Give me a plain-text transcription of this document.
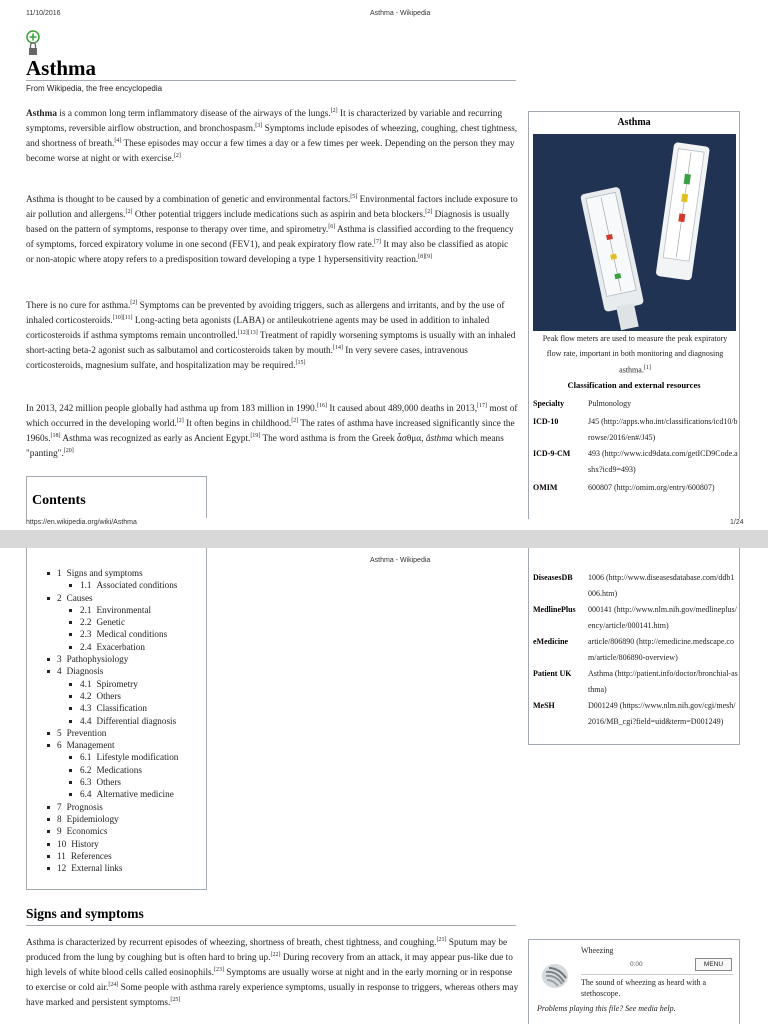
11/10/2016	Asthma - Wikipedia
Asthma
From Wikipedia, the free encyclopedia
Asthma is a common long term inflammatory disease of the airways of the lungs.[2] It is characterized by variable and recurring symptoms, reversible airflow obstruction, and bronchospasm.[3] Symptoms include episodes of wheezing, coughing, chest tightness, and shortness of breath.[4] These episodes may occur a few times a day or a few times per week. Depending on the person they may become worse at night or with exercise.[2]
Asthma is thought to be caused by a combination of genetic and environmental factors.[5] Environmental factors include exposure to air pollution and allergens.[2] Other potential triggers include medications such as aspirin and beta blockers.[2] Diagnosis is usually based on the pattern of symptoms, response to therapy over time, and spirometry.[6] Asthma is classified according to the frequency of symptoms, forced expiratory volume in one second (FEV1), and peak expiratory flow rate.[7] It may also be classified as atopic or non-atopic where atopy refers to a predisposition toward developing a type 1 hypersensitivity reaction.[8][9]
There is no cure for asthma.[2] Symptoms can be prevented by avoiding triggers, such as allergens and irritants, and by the use of inhaled corticosteroids.[10][11] Long-acting beta agonists (LABA) or antileukotriene agents may be used in addition to inhaled corticosteroids if asthma symptoms remain uncontrolled.[12][13] Treatment of rapidly worsening symptoms is usually with an inhaled short-acting beta-2 agonist such as salbutamol and corticosteroids taken by mouth.[14] In very severe cases, intravenous corticosteroids, magnesium sulfate, and hospitalization may be required.[15]
In 2013, 242 million people globally had asthma up from 183 million in 1990.[16] It caused about 489,000 deaths in 2013,[17] most of which occurred in the developing world.[2] It often begins in childhood.[2] The rates of asthma have increased significantly since the 1960s.[18] Asthma was recognized as early as Ancient Egypt.[19] The word asthma is from the Greek ἆσθμα, âsthma which means "panting".[20]
Contents
Asthma
Peak flow meters are used to measure the peak expiratory flow rate, important in both monitoring and diagnosing asthma.[1]
Classification and external resources
Specialty	Pulmonology
ICD-10	J45 (http://apps.who.int/classifications/icd10/browse/2016/en#/J45)
ICD-9-CM	493 (http://www.icd9data.com/getICD9Code.ashx?icd9=493)
OMIM	600807 (http://omim.org/entry/600807)
https://en.wikipedia.org/wiki/Asthma	1/24
Asthma - Wikipedia
1 Signs and symptoms
1.1 Associated conditions
2 Causes
2.1 Environmental
2.2 Genetic
2.3 Medical conditions
2.4 Exacerbation
3 Pathophysiology
4 Diagnosis
4.1 Spirometry
4.2 Others
4.3 Classification
4.4 Differential diagnosis
5 Prevention
6 Management
6.1 Lifestyle modification
6.2 Medications
6.3 Others
6.4 Alternative medicine
7 Prognosis
8 Epidemiology
9 Economics
10 History
11 References
12 External links
DiseasesDB	1006 (http://www.diseasesdatabase.com/ddb1006.htm)
MedlinePlus	000141 (http://www.nlm.nih.gov/medlineplus/ency/article/000141.htm)
eMedicine	article/806890 (http://emedicine.medscape.com/article/806890-overview)
Patient UK	Asthma (http://patient.info/doctor/bronchial-asthma)
MeSH	D001249 (https://www.nlm.nih.gov/cgi/mesh/2016/MB_cgi?field=uid&term=D001249)
Signs and symptoms
Asthma is characterized by recurrent episodes of wheezing, shortness of breath, chest tightness, and coughing.[21] Sputum may be produced from the lung by coughing but is often hard to bring up.[22] During recovery from an attack, it may appear pus-like due to high levels of white blood cells called eosinophils.[23] Symptoms are usually worse at night and in the early morning or in response to exercise or cold air.[24] Some people with asthma rarely experience symptoms, usually in response to triggers, whereas others may have marked and persistent symptoms.[25]
Wheezing
0:00	MENU
The sound of wheezing as heard with a stethoscope.
Problems playing this file? See media help.
